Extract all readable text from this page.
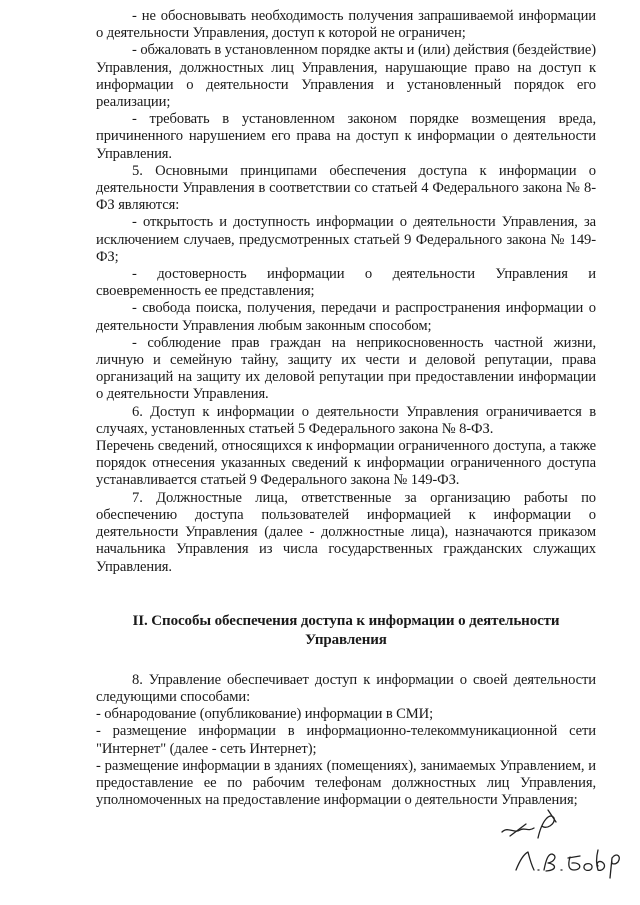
- не обосновывать необходимость получения запрашиваемой информации о деятельности Управления, доступ к которой не ограничен;

- обжаловать в установленном порядке акты и (или) действия (бездействие) Управления, должностных лиц Управления, нарушающие право на доступ к информации о деятельности Управления и установленный порядок его реализации;

- требовать в установленном законом порядке возмещения вреда, причиненного нарушением его права на доступ к информации о деятельности Управления.

5. Основными принципами обеспечения доступа к информации о деятельности Управления в соответствии со статьей 4 Федерального закона № 8-ФЗ являются:

- открытость и доступность информации о деятельности Управления, за исключением случаев, предусмотренных статьей 9 Федерального закона № 149-ФЗ;

- достоверность информации о деятельности Управления и своевременность ее представления;

- свобода поиска, получения, передачи и распространения информации о деятельности Управления любым законным способом;

- соблюдение прав граждан на неприкосновенность частной жизни, личную и семейную тайну, защиту их чести и деловой репутации, права организаций на защиту их деловой репутации при предоставлении информации о деятельности Управления.

6. Доступ к информации о деятельности Управления ограничивается в случаях, установленных статьей 5 Федерального закона № 8-ФЗ.

Перечень сведений, относящихся к информации ограниченного доступа, а также порядок отнесения указанных сведений к информации ограниченного доступа устанавливается статьей 9 Федерального закона № 149-ФЗ.

7. Должностные лица, ответственные за организацию работы по обеспечению доступа пользователей информацией к информации о деятельности Управления (далее - должностные лица), назначаются приказом начальника Управления из числа государственных гражданских служащих Управления.

II. Способы обеспечения доступа к информации о деятельности Управления

8. Управление обеспечивает доступ к информации о своей деятельности следующими способами:

- обнародование (опубликование) информации в СМИ;

- размещение информации в информационно-телекоммуникационной сети "Интернет" (далее - сеть Интернет);

- размещение информации в зданиях (помещениях), занимаемых Управлением, и предоставление ее по рабочим телефонам должностных лиц Управления, уполномоченных на предоставление информации о деятельности Управления;
